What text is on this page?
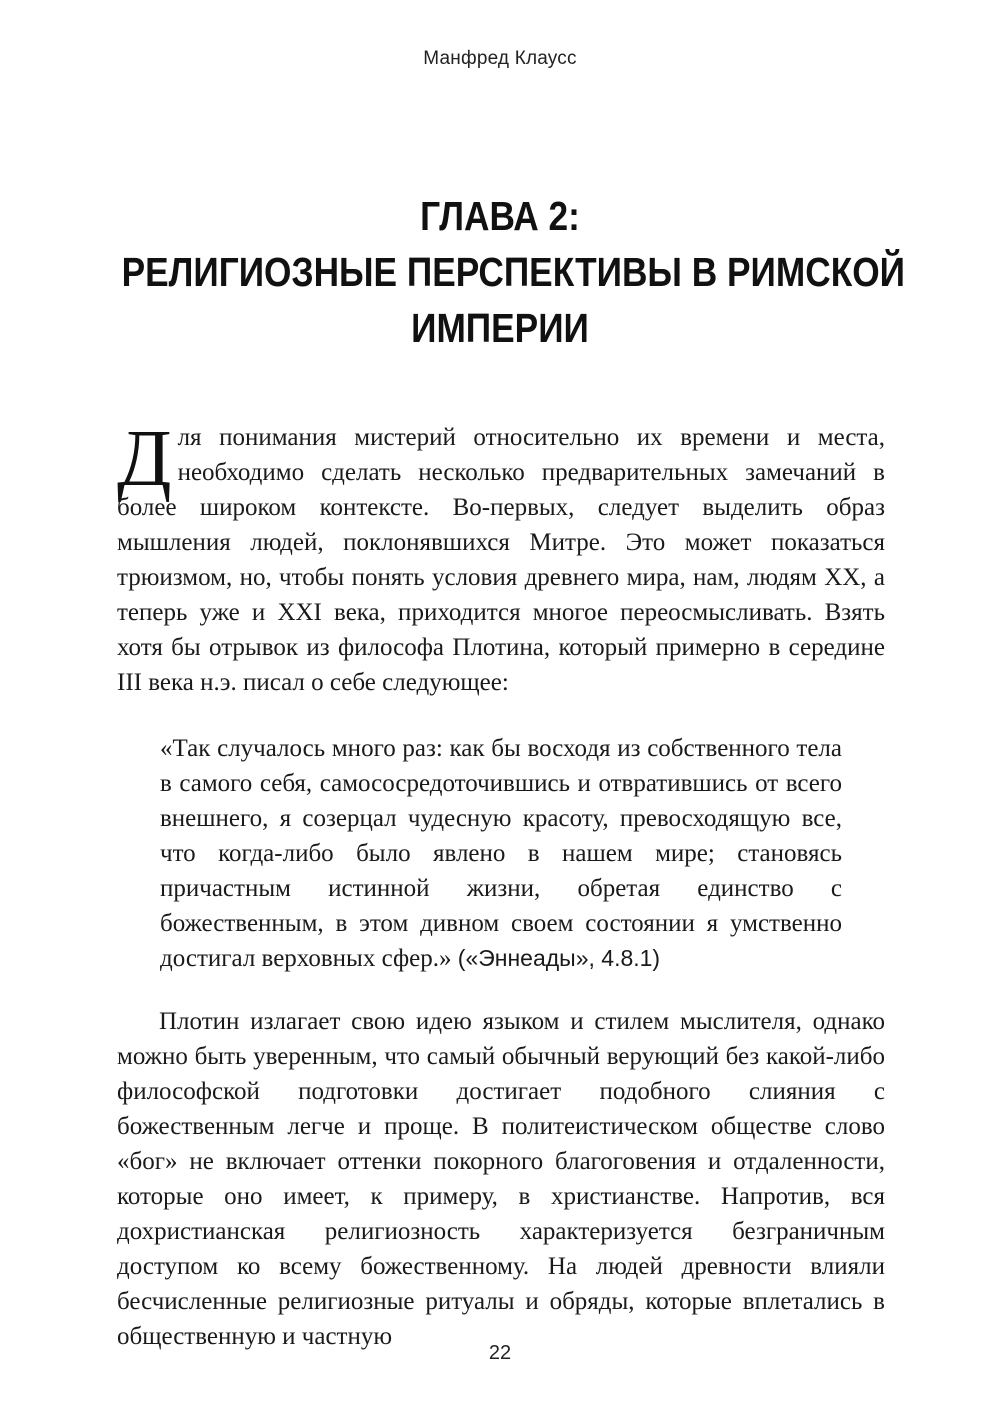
Манфред Клаусс
ГЛАВА 2:
РЕЛИГИОЗНЫЕ ПЕРСПЕКТИВЫ В РИМСКОЙ
ИМПЕРИИ
Для понимания мистерий относительно их времени и места, необходимо сделать несколько предварительных замечаний в более широком контексте. Во-первых, следует выделить образ мышления людей, поклонявшихся Митре. Это может показаться трюизмом, но, чтобы понять условия древнего мира, нам, людям XX, а теперь уже и XXI века, приходится многое переосмысливать. Взять хотя бы отрывок из философа Плотина, который примерно в середине III века н.э. писал о себе следующее:
«Так случалось много раз: как бы восходя из собственного тела в самого себя, самососредоточившись и отвратившись от всего внешнего, я созерцал чудесную красоту, превосходящую все, что когда-либо было явлено в нашем мире; становясь причастным истинной жизни, обретая единство с божественным, в этом дивном своем состоянии я умственно достигал верховных сфер.» («Эннеады», 4.8.1)
Плотин излагает свою идею языком и стилем мыслителя, однако можно быть уверенным, что самый обычный верующий без какой-либо философской подготовки достигает подобного слияния с божественным легче и проще. В политеистическом обществе слово «бог» не включает оттенки покорного благоговения и отдаленности, которые оно имеет, к примеру, в христианстве. Напротив, вся дохристианская религиозность характеризуется безграничным доступом ко всему божественному. На людей древности влияли бесчисленные религиозные ритуалы и обряды, которые вплетались в общественную и частную
22
